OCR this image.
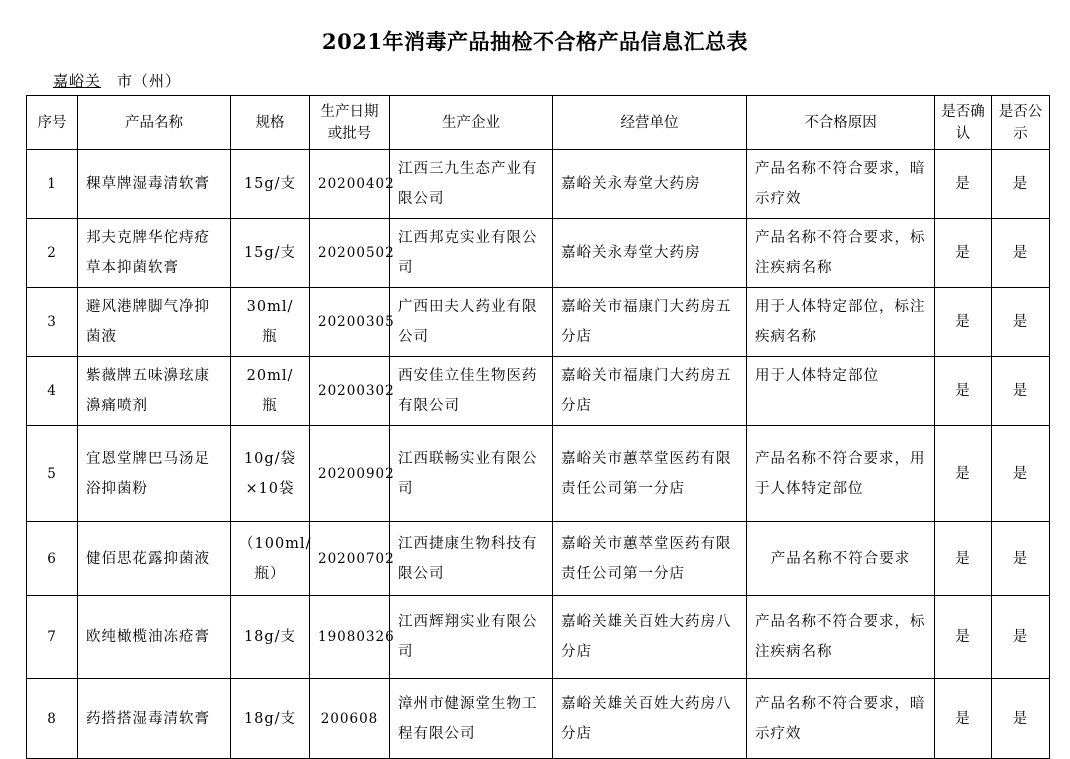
2021年消毒产品抽检不合格产品信息汇总表
嘉峪关 市（州）
序号	产品名称	规格	生产日期或批号	生产企业	经营单位	不合格原因	是否确认	是否公示
1	稞草牌湿毒清软膏	15g/支	20200402	江西三九生态产业有限公司	嘉峪关永寿堂大药房	产品名称不符合要求，暗示疗效	是	是
2	邦夫克牌华佗痔疮草本抑菌软膏	15g/支	20200502	江西邦克实业有限公司	嘉峪关永寿堂大药房	产品名称不符合要求，标注疾病名称	是	是
3	避风港牌脚气净抑菌液	30ml/瓶	20200305	广西田夫人药业有限公司	嘉峪关市福康门大药房五分店	用于人体特定部位，标注疾病名称	是	是
4	紫薇牌五味濞玹康濞痛喷剂	20ml/瓶	20200302	西安佳立佳生物医药有限公司	嘉峪关市福康门大药房五分店	用于人体特定部位	是	是
5	宜恩堂牌巴马汤足浴抑菌粉	10g/袋×10袋	20200902	江西联畅实业有限公司	嘉峪关市蕙萃堂医药有限责任公司第一分店	产品名称不符合要求，用于人体特定部位	是	是
6	健佰思花露抑菌液	（100ml/瓶）	20200702	江西捷康生物科技有限公司	嘉峪关市蕙萃堂医药有限责任公司第一分店	产品名称不符合要求	是	是
7	欧纯橄榄油冻疮膏	18g/支	19080326	江西辉翔实业有限公司	嘉峪关雄关百姓大药房八分店	产品名称不符合要求，标注疾病名称	是	是
8	药搭搭湿毒清软膏	18g/支	200608	漳州市健源堂生物工程有限公司	嘉峪关雄关百姓大药房八分店	产品名称不符合要求，暗示疗效	是	是
